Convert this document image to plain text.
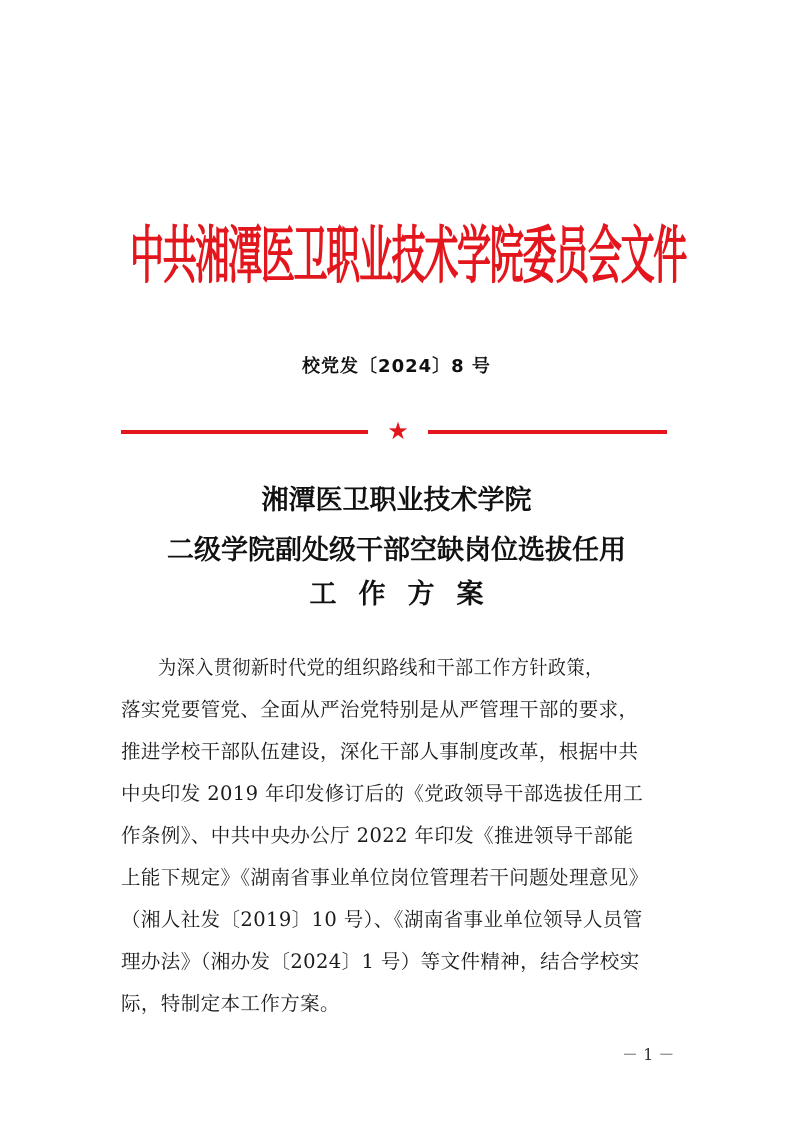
中共湘潭医卫职业技术学院委员会文件
校党发〔2024〕8 号
★
湘潭医卫职业技术学院
二级学院副处级干部空缺岗位选拔任用
工作方案
为深入贯彻新时代党的组织路线和干部工作方针政策，
落实党要管党、全面从严治党特别是从严管理干部的要求，
推进学校干部队伍建设，深化干部人事制度改革，根据中共
中央印发 2019 年印发修订后的《党政领导干部选拔任用工
作条例》、中共中央办公厅 2022 年印发《推进领导干部能
上能下规定》《湖南省事业单位岗位管理若干问题处理意见》
（湘人社发〔2019〕10 号）、《湖南省事业单位领导人员管
理办法》（湘办发〔2024〕1 号）等文件精神，结合学校实
际，特制定本工作方案。
－ 1 －
